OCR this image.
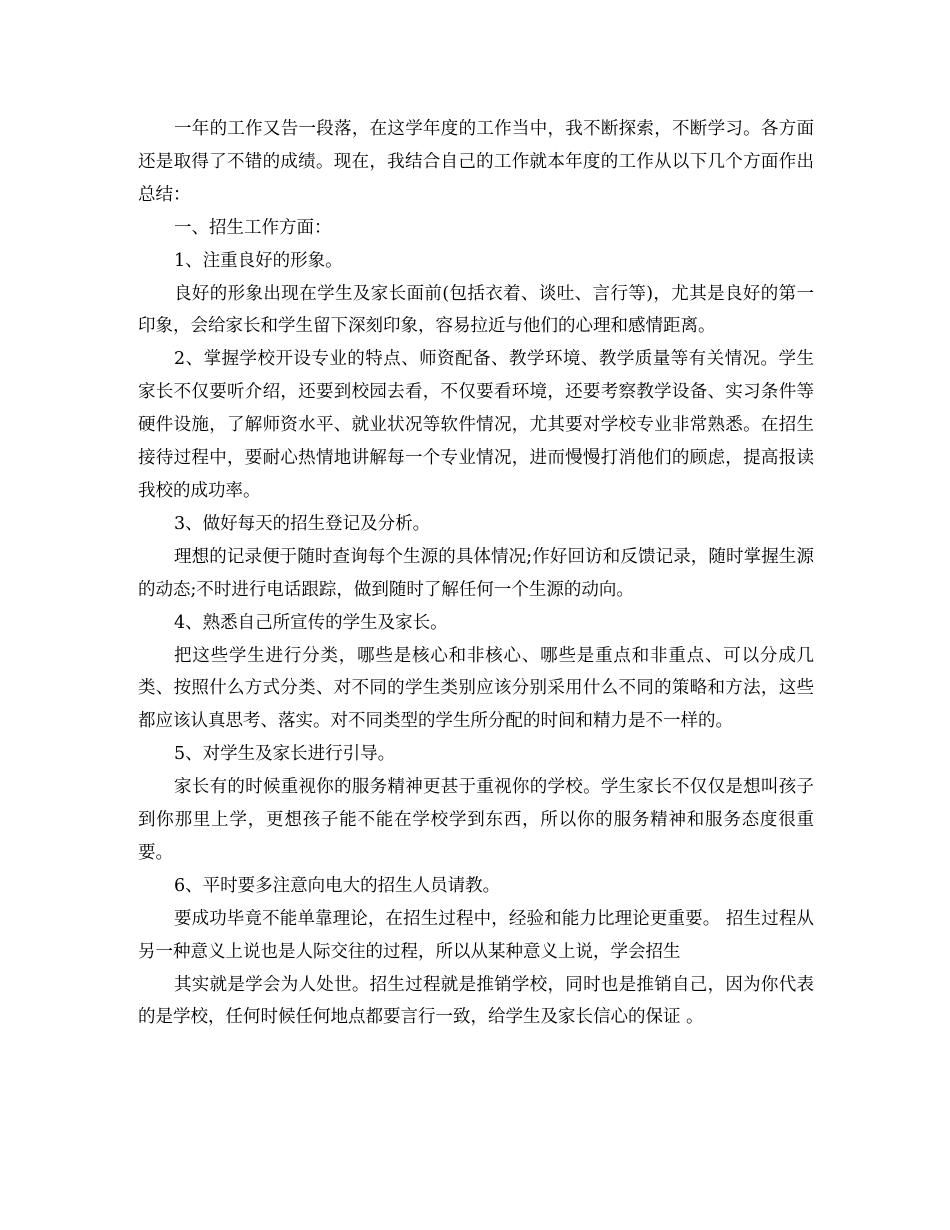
一年的工作又告一段落，在这学年度的工作当中，我不断探索，不断学习。各方面还是取得了不错的成绩。现在，我结合自己的工作就本年度的工作从以下几个方面作出总结：

一、招生工作方面：

1、注重良好的形象。

良好的形象出现在学生及家长面前(包括衣着、谈吐、言行等)，尤其是良好的第一印象，会给家长和学生留下深刻印象，容易拉近与他们的心理和感情距离。

2、掌握学校开设专业的特点、师资配备、教学环境、教学质量等有关情况。学生家长不仅要听介绍，还要到校园去看，不仅要看环境，还要考察教学设备、实习条件等硬件设施，了解师资水平、就业状况等软件情况，尤其要对学校专业非常熟悉。在招生接待过程中，要耐心热情地讲解每一个专业情况，进而慢慢打消他们的顾虑，提高报读我校的成功率。

3、做好每天的招生登记及分析。

理想的记录便于随时查询每个生源的具体情况;作好回访和反馈记录，随时掌握生源的动态;不时进行电话跟踪，做到随时了解任何一个生源的动向。

4、熟悉自己所宣传的学生及家长。

把这些学生进行分类，哪些是核心和非核心、哪些是重点和非重点、可以分成几类、按照什么方式分类、对不同的学生类别应该分别采用什么不同的策略和方法，这些都应该认真思考、落实。对不同类型的学生所分配的时间和精力是不一样的。

5、对学生及家长进行引导。

家长有的时候重视你的服务精神更甚于重视你的学校。学生家长不仅仅是想叫孩子到你那里上学，更想孩子能不能在学校学到东西，所以你的服务精神和服务态度很重要。

6、平时要多注意向电大的招生人员请教。

要成功毕竟不能单靠理论，在招生过程中，经验和能力比理论更重要。 招生过程从另一种意义上说也是人际交往的过程，所以从某种意义上说，学会招生

其实就是学会为人处世。招生过程就是推销学校，同时也是推销自己，因为你代表的是学校，任何时候任何地点都要言行一致，给学生及家长信心的保证 。
